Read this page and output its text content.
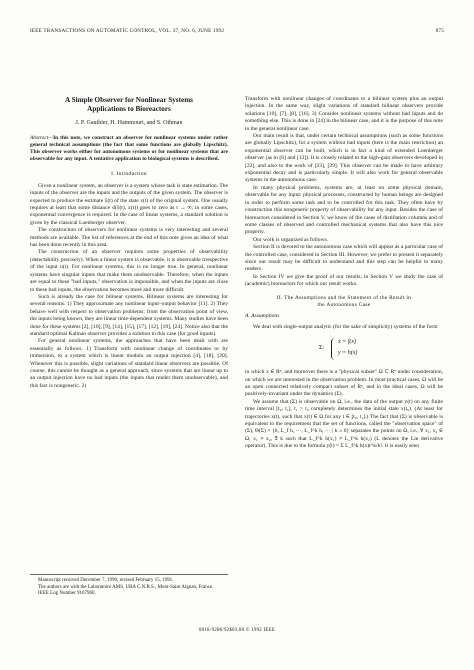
IEEE TRANSACTIONS ON AUTOMATIC CONTROL, VOL. 37, NO. 6, JUNE 1992	875
A Simple Observer for Nonlinear Systems
Applications to Bioreactors
J. P. Gauthier, H. Hammouri, and S. Othman
Abstract—In this note, we construct an observer for nonlinear systems under rather general technical assumptions (the fact that some functions are globally Lipschitz). This observer works either for autonomous systems or for nonlinear systems that are observable for any input. A tentative application to biological systems is described.
I. Introduction

Given a nonlinear system, an observer is a system whose task is state estimation. The inputs of the observer are the inputs and the outputs of the given system. The observer is expected to produce the estimate x̂(t) of the state x(t) of the original system. One usually requires at least that some distance d(x̂(t), x(t)) goes to zero as t → ∞; in some cases, exponential convergence is required. In the case of linear systems, a standard solution is given by the classical Luenberger observer.

The construction of observers for nonlinear systems is very interesting and several methods are available. The list of references at the end of this note gives an idea of what has been done recently in this area.

The construction of an observer requires some properties of observability (detectability precisely). When a linear system is observable, it is observable irrespective of the input u(t). For nonlinear systems, this is no longer true. In general, nonlinear systems have singular inputs that make them unobservable. Therefore, when the inputs are equal to these "bad inputs," observation is impossible, and when the inputs are close to these bad inputs, the observation becomes more and more difficult.

Such is already the case for bilinear systems. Bilinear systems are interesting for several reasons. 1) They approximate any nonlinear input–output behavior [11]. 2) They behave well with respect to observation problems: from the observation point of view, the inputs being known, they are linear time-dependent systems. Many studies have been done for these systems [2], [10], [9], [14], [15], [17], [12], [19], [24]. Notice also that the standard optimal Kalman observer provides a solution in this case (for good inputs).

For general nonlinear systems, the approaches that have been dealt with are essentially as follows. 1) Transform with nonlinear change of coordinates or by immersion, to a system which is linear modulo an output injection [4], [18], [20]. Whenever this is possible, slight variations of standard linear observers are possible. Of course, this cannot be thought as a general approach, since systems that are linear up to an output injection have no bad inputs (the inputs that render them unobservable), and this fact is nongeneric. 2)

Transform with nonlinear changes of coordinates to a bilinear system plus an output injection. In the same way, slight variations of standard bilinear observers provide solutions [10], [7], [8], [16]. 3) Consider nonlinear systems without bad inputs and do something else. This is done in [24] in the bilinear case, and it is the purpose of this note in the general nonlinear case.

Our main result is that, under certain technical assumptions (such as some functions are globally Lipschitz), for a system without bad inputs (here is the main restriction) an exponential observer can be built, which is in fact a kind of extended Luenberger observer (as in [6] and [13]). It is closely related to the high-gain observers developed in [22], and also to the work of [23], [29]. This observer can be made to have arbitrary exponential decay and is particularly simple. It will also work for general observable systems in the autonomous case.

In many physical problems, systems are, at least on some physical domain, observable for any input: physical processes, constructed by human beings are designed in order to perform some task and to be controlled for this task. They often have by construction this nongeneric property of observability for any input. Besides the case of bioreactors considered in Section V, we know of the cases of distillation columns and of some classes of observed and controlled mechanical systems that also have this nice property.

Our work is organized as follows.

Section II is devoted to the autonomous case which will appear as a particular case of the controlled case, considered in Section III. However, we prefer to present it separately since our result may be difficult to understand and this step can be helpful to many readers.

In Section IV we give the proof of our results; in Section V we study the case of (academic) bioreactors for which our result works.

II. The Assumptions and the Statement of the Result in
the Autonomous Case
A. Assumptions

We deal with single-output analytic (for the sake of simplicity) systems of the form

Σ:
ẋ = f(x)
y = h(x)

in which x ∈ Rⁿ, and moreover there is a "physical subset" Ω ⊂ Rⁿ under consideration, on which we are interested in the observation problem. In most practical cases, Ω will be an open connected relatively compact subset of Rⁿ, and in the ideal cases, Ω will be positively-invariant under the dynamics (Σ).

We assume that (Σ) is observable on Ω, i.e., the data of the output y(t) on any finite time interval [t₀, t₁], t₁ > t₀ completely determines the initial state x(t₀). (At least for trajectories x(t), such that x(t) ∈ Ω for any t ∈ [t₀, t₁].) The fact that (Σ) is observable is equivalent to the requirement that the set of functions, called the "observation space" of (Σ), Θ(Σ) = {h, L_f h, ···, L_f^k h, ··· | k ≥ 0} separates the points on Ω, i.e., ∀ x₁, x₂ ∈ Ω, x₁ ≠ x₂, ∃ k such that L_f^k h(x₁) ≠ L_f^k h(x₂) (L denotes the Lie derivative operator). This is due to the formula y(t) = Σ L_f^k h(x)t^k/k!. It is easily seen

Manuscript received December 7, 1990; revised February 15, 1991.

The authors are with the Laboratoire AMS, URA C.N.R.S., Mont-Saint Aignan, France.

IEEE Log Number 9107960.

0018-9286/92$03.00 © 1992 IEEE
